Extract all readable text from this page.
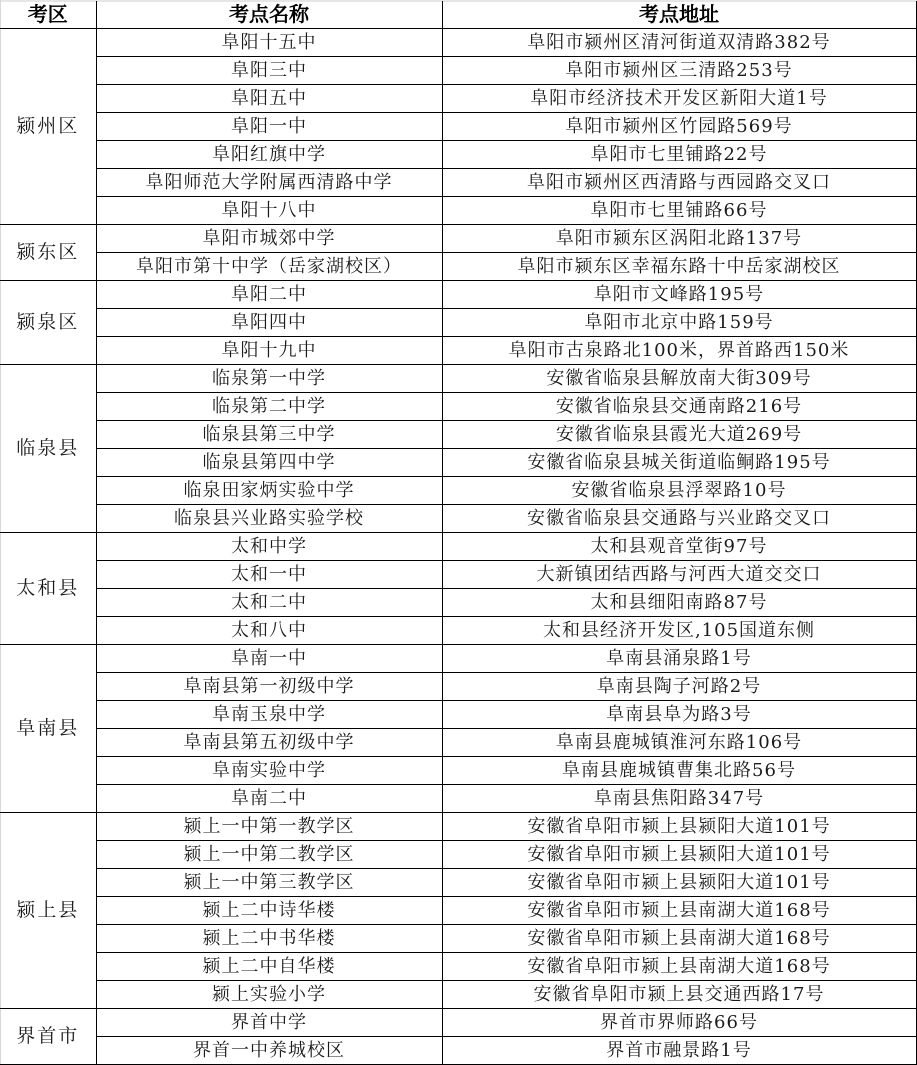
考区	考点名称	考点地址
颍州区	阜阳十五中	阜阳市颍州区清河街道双清路382号
	阜阳三中	阜阳市颍州区三清路253号
	阜阳五中	阜阳市经济技术开发区新阳大道1号
	阜阳一中	阜阳市颍州区竹园路569号
	阜阳红旗中学	阜阳市七里铺路22号
	阜阳师范大学附属西清路中学	阜阳市颍州区西清路与西园路交叉口
	阜阳十八中	阜阳市七里铺路66号
颍东区	阜阳市城郊中学	阜阳市颍东区涡阳北路137号
	阜阳市第十中学（岳家湖校区）	阜阳市颍东区幸福东路十中岳家湖校区
颍泉区	阜阳二中	阜阳市文峰路195号
	阜阳四中	阜阳市北京中路159号
	阜阳十九中	阜阳市古泉路北100米，界首路西150米
临泉县	临泉第一中学	安徽省临泉县解放南大街309号
	临泉第二中学	安徽省临泉县交通南路216号
	临泉县第三中学	安徽省临泉县霞光大道269号
	临泉县第四中学	安徽省临泉县城关街道临鲖路195号
	临泉田家炳实验中学	安徽省临泉县浮翠路10号
	临泉县兴业路实验学校	安徽省临泉县交通路与兴业路交叉口
太和县	太和中学	太和县观音堂街97号
	太和一中	大新镇团结西路与河西大道交交口
	太和二中	太和县细阳南路87号
	太和八中	太和县经济开发区,105国道东侧
阜南县	阜南一中	阜南县涌泉路1号
	阜南县第一初级中学	阜南县陶子河路2号
	阜南玉泉中学	阜南县阜为路3号
	阜南县第五初级中学	阜南县鹿城镇淮河东路106号
	阜南实验中学	阜南县鹿城镇曹集北路56号
	阜南二中	阜南县焦阳路347号
颍上县	颍上一中第一教学区	安徽省阜阳市颍上县颍阳大道101号
	颍上一中第二教学区	安徽省阜阳市颍上县颍阳大道101号
	颍上一中第三教学区	安徽省阜阳市颍上县颍阳大道101号
	颍上二中诗华楼	安徽省阜阳市颍上县南湖大道168号
	颍上二中书华楼	安徽省阜阳市颍上县南湖大道168号
	颍上二中自华楼	安徽省阜阳市颍上县南湖大道168号
	颍上实验小学	安徽省阜阳市颍上县交通西路17号
界首市	界首中学	界首市界师路66号
	界首一中养城校区	界首市融景路1号
